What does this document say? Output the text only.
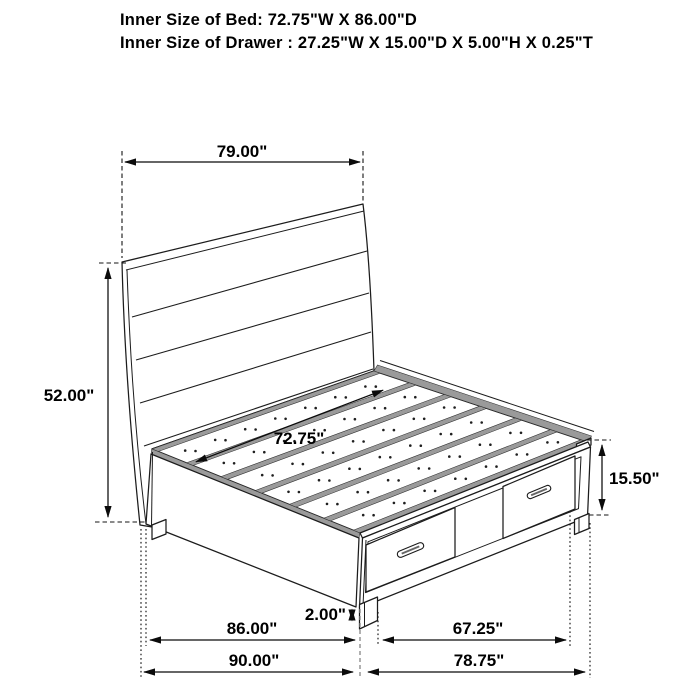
Inner Size of Bed: 72.75"W X 86.00"D
Inner Size of Drawer : 27.25"W X 15.00"D X 5.00"H X 0.25"T
79.00"
52.00"
72.75"
15.50"
2.00"
86.00"	67.25"
90.00"	78.75"
